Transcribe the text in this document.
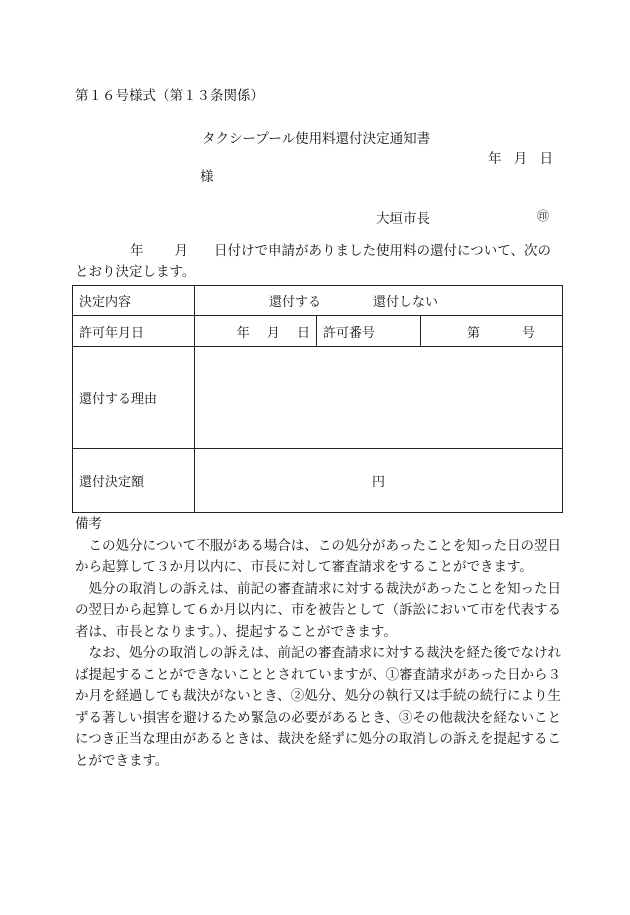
第１６号様式（第１３条関係）
タクシープール使用料還付決定通知書
年 月 日
様
大垣市長	㊞
年 月 日付けで申請がありました使用料の還付について、次の
とおり決定します。
決定内容	還付する 還付しない		
許可年月日	年　 月　 日	許可番号	第 号
還付する理由			
還付決定額	円		

備考

この処分について不服がある場合は、この処分があったことを知った日の翌日から起算して３か月以内に、市長に対して審査請求をすることができます。

処分の取消しの訴えは、前記の審査請求に対する裁決があったことを知った日の翌日から起算して６か月以内に、市を被告として（訴訟において市を代表する者は、市長となります。）、提起することができます。

なお、処分の取消しの訴えは、前記の審査請求に対する裁決を経た後でなければ提起することができないこととされていますが、①審査請求があった日から３か月を経過しても裁決がないとき、②処分、処分の執行又は手続の続行により生ずる著しい損害を避けるため緊急の必要があるとき、③その他裁決を経ないことにつき正当な理由があるときは、裁決を経ずに処分の取消しの訴えを提起することができます。
